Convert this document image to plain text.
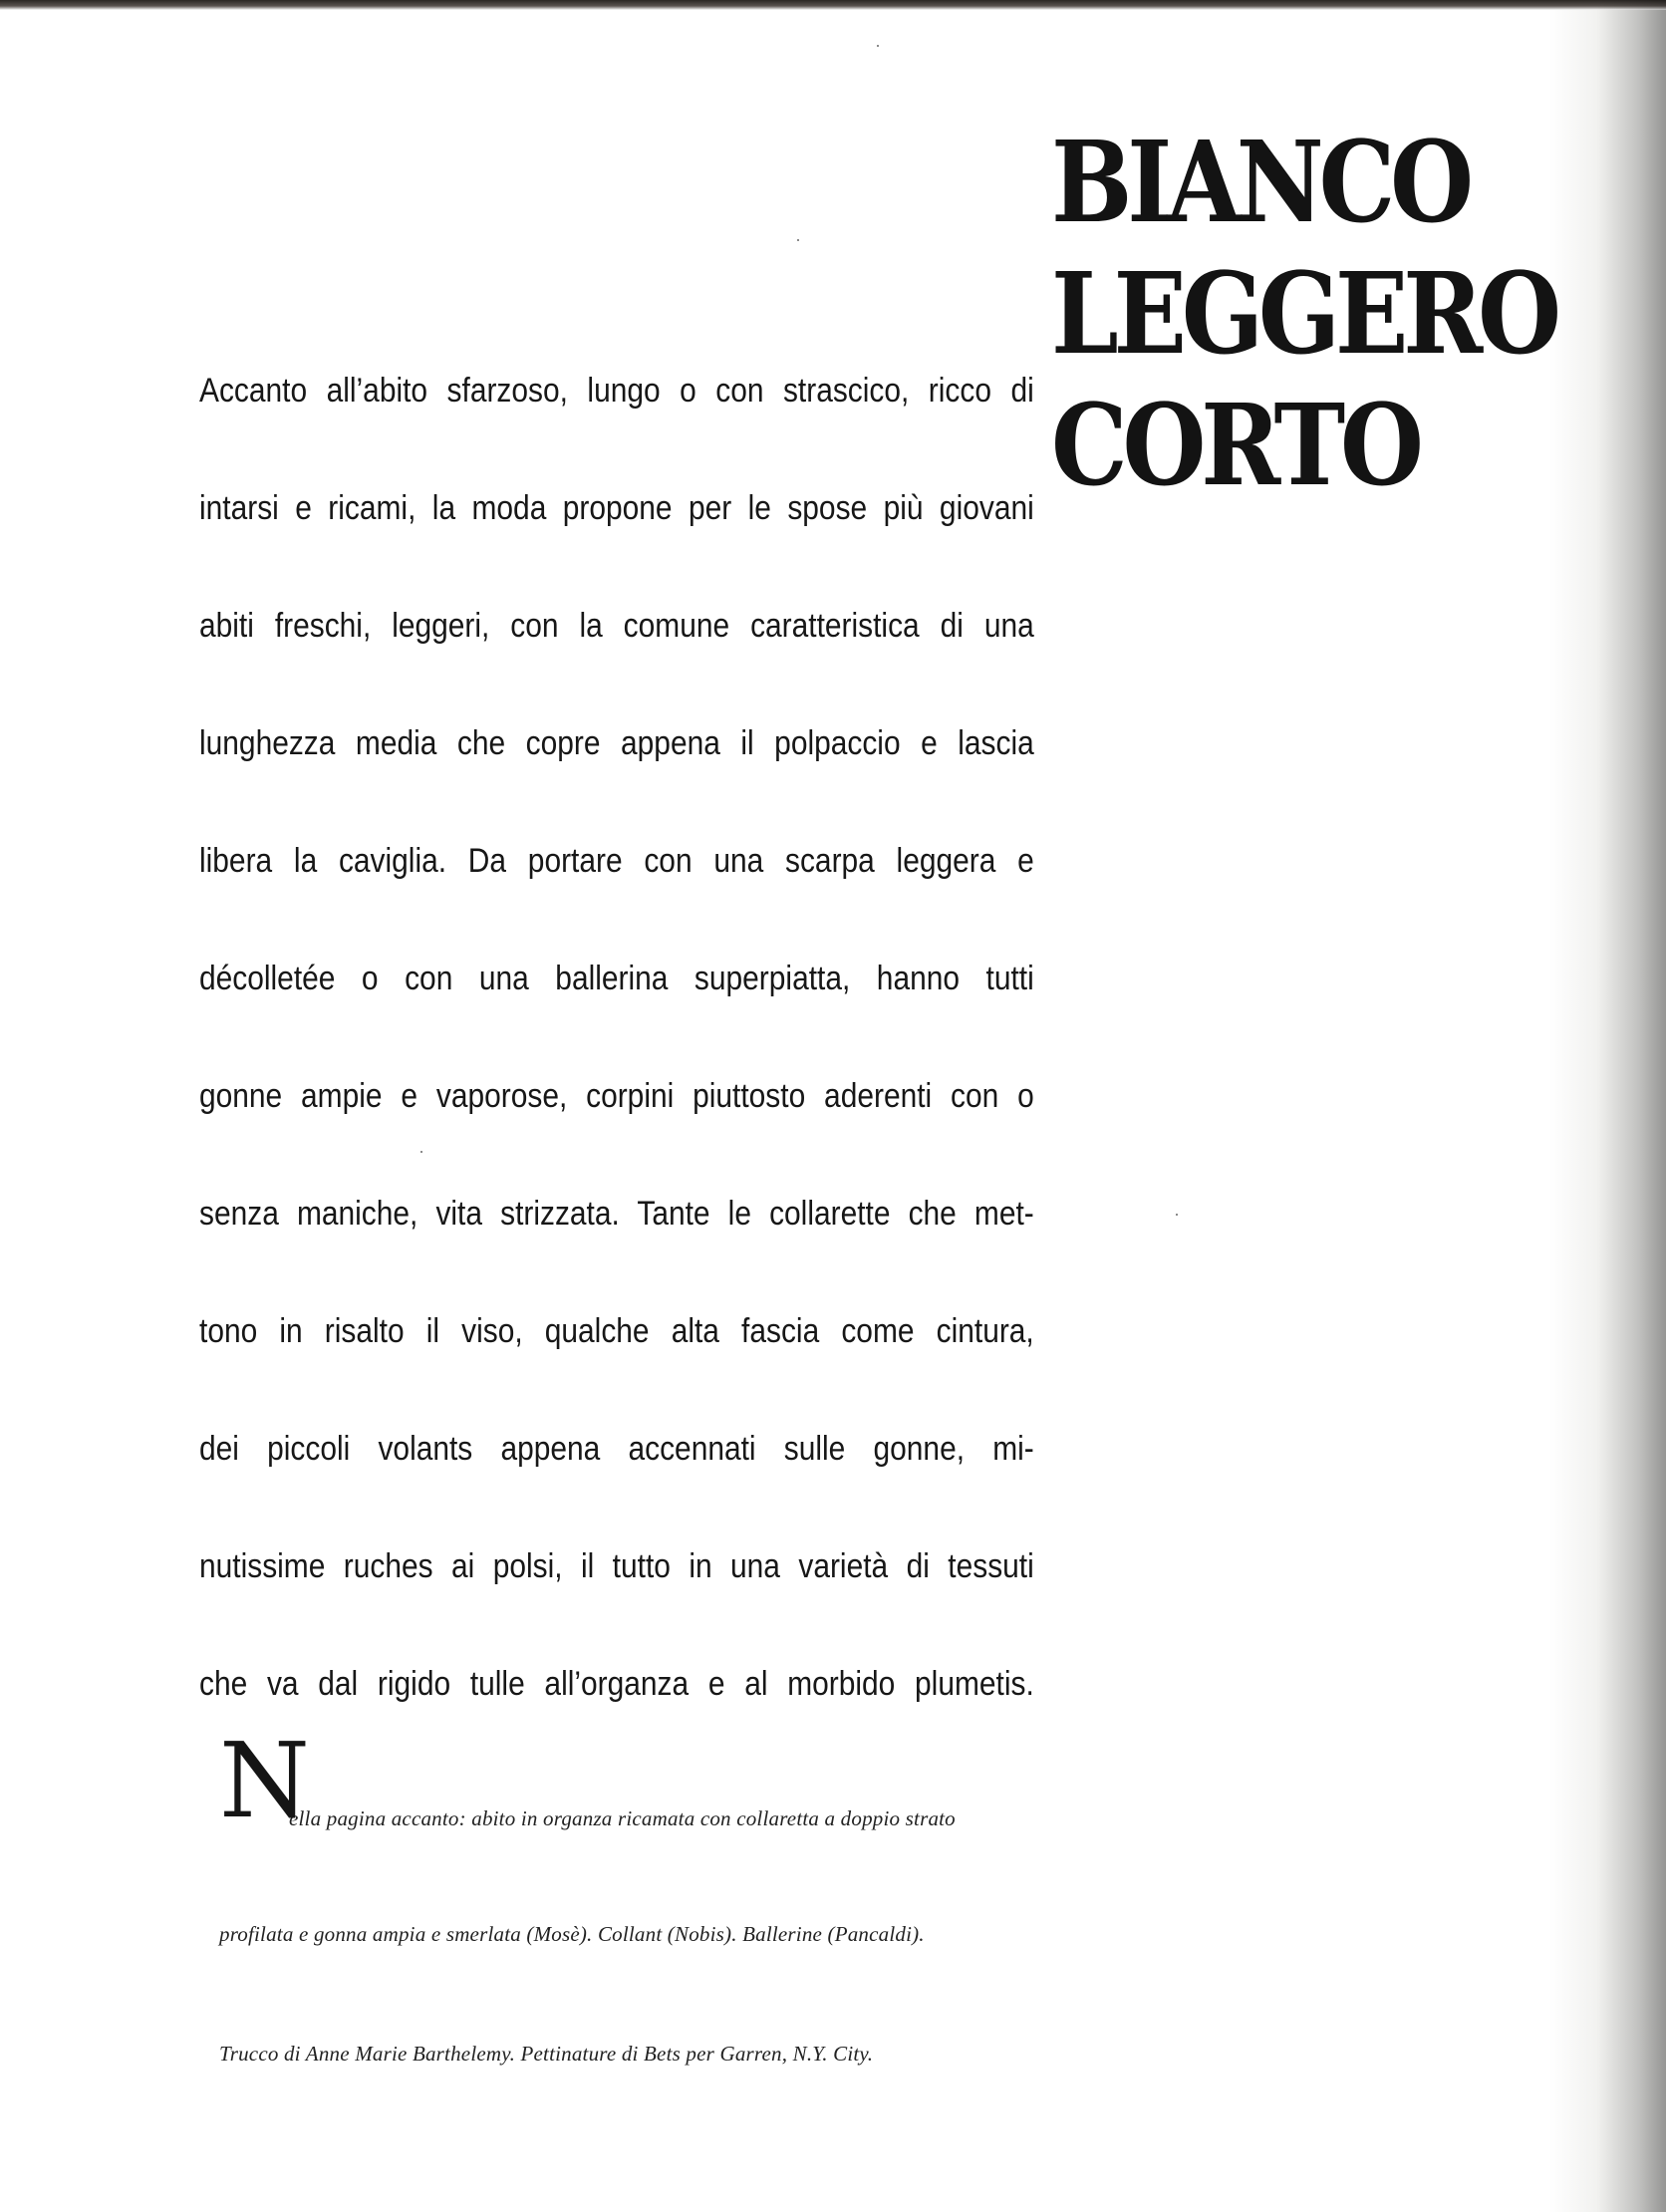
BIANCO
LEGGERO
CORTO
Accanto all’abito sfarzoso, lungo o con strascico, ricco di
intarsi e ricami, la moda propone per le spose più giovani
abiti freschi, leggeri, con la comune caratteristica di una
lunghezza media che copre appena il polpaccio e lascia
libera la caviglia. Da portare con una scarpa leggera e
décolletée o con una ballerina superpiatta, hanno tutti
gonne ampie e vaporose, corpini piuttosto aderenti con o
senza maniche, vita strizzata. Tante le collarette che met-
tono in risalto il viso, qualche alta fascia come cintura,
dei piccoli volants appena accennati sulle gonne, mi-
nutissime ruches ai polsi, il tutto in una varietà di tessuti
che va dal rigido tulle all’organza e al morbido plumetis.
N
ella pagina accanto: abito in organza ricamata con collaretta a doppio strato
profilata e gonna ampia e smerlata (Mosè). Collant (Nobis). Ballerine (Pancaldi).
Trucco di Anne Marie Barthelemy. Pettinature di Bets per Garren, N.Y. City.
